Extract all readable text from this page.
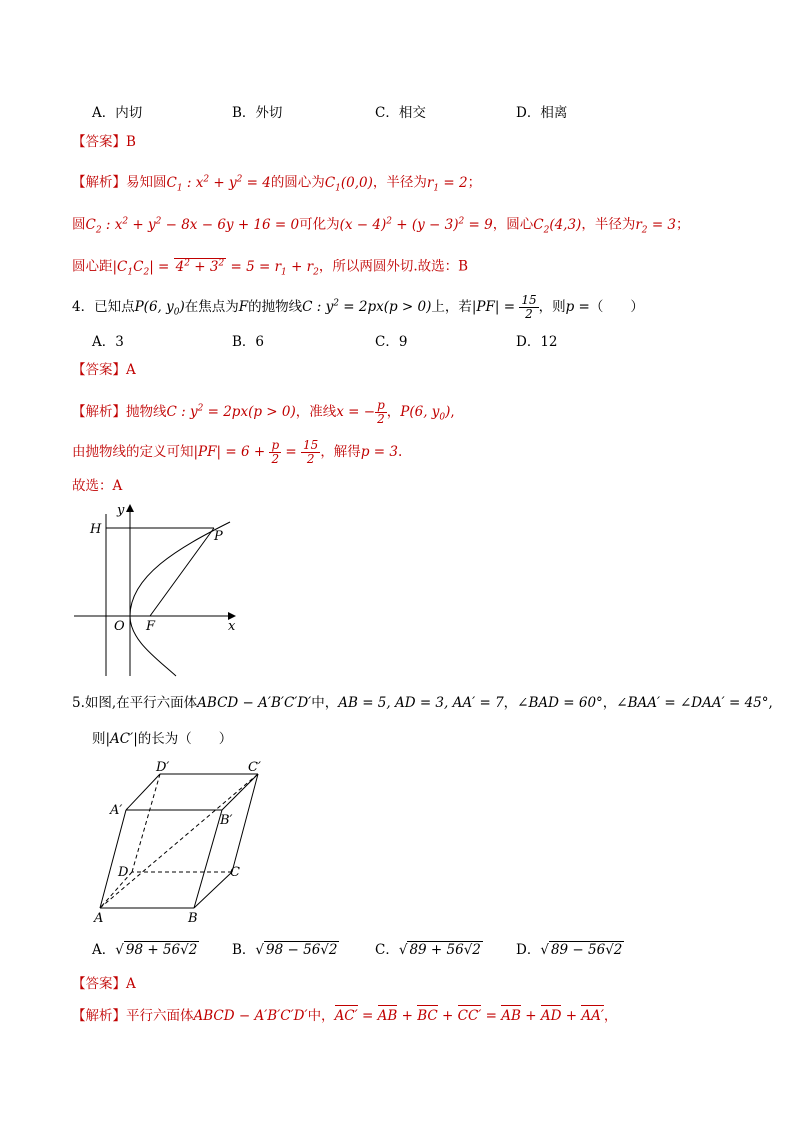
A．内切	B．外切	C．相交	D．相离
【答案】B
【解析】易知圆$C_1$ : $x^2 + y^2 = 4$的圆心为$C_1(0,0)$，半径为$r_1 = 2$；
圆$C_2$ : $x^2 + y^2 - 8x - 6y + 16 = 0$可化为$(x - 4)^2 + (y - 3)^2 = 9$，圆心$C_2(4,3)$，半径为$r_2 = 3$；
圆心距$|C_1C_2| = 4^2 + 3^2 = 5 = r_1 + r_2$，所以两圆外切.故选：B
4．已知点P(6, $y_0$)在焦点为F的抛物线C : $y^2 = 2px(p > 0)$上，若$|PF| = \frac{15}{2}$ ，则p =（　　）
A．3	B．6	C．9	D．12
【答案】A
【解析】抛物线C : $y^2 = 2px(p > 0)$，准线x = − $\frac{p}{2}$ ，P(6, $y_0$),
由抛物线的定义可知$|PF| = 6 + \frac{p}{2} = \frac{15}{2}$ ，解得p = 3.
故选：A
H
y
P
O F	x
5.如图,在平行六面体ABCD − A′B′C′D′中，AB = 5, AD = 3, AA′ = 7，∠BAD = 60°，∠BAA′ = ∠DAA′ = 45°,
则|AC′|的长为（　　）
D′	C′
A′
B′
D	C
A	B
A．√ 98 + 56√2	B．√ 98 − 56√2	C．√ 89 + 56√2	D．√ 89 − 56√2
【答案】A
【解析】平行六面体ABCD − A′B′C′D′中，AC′ = AB + BC + CC′ = AB + AD + AA′，
